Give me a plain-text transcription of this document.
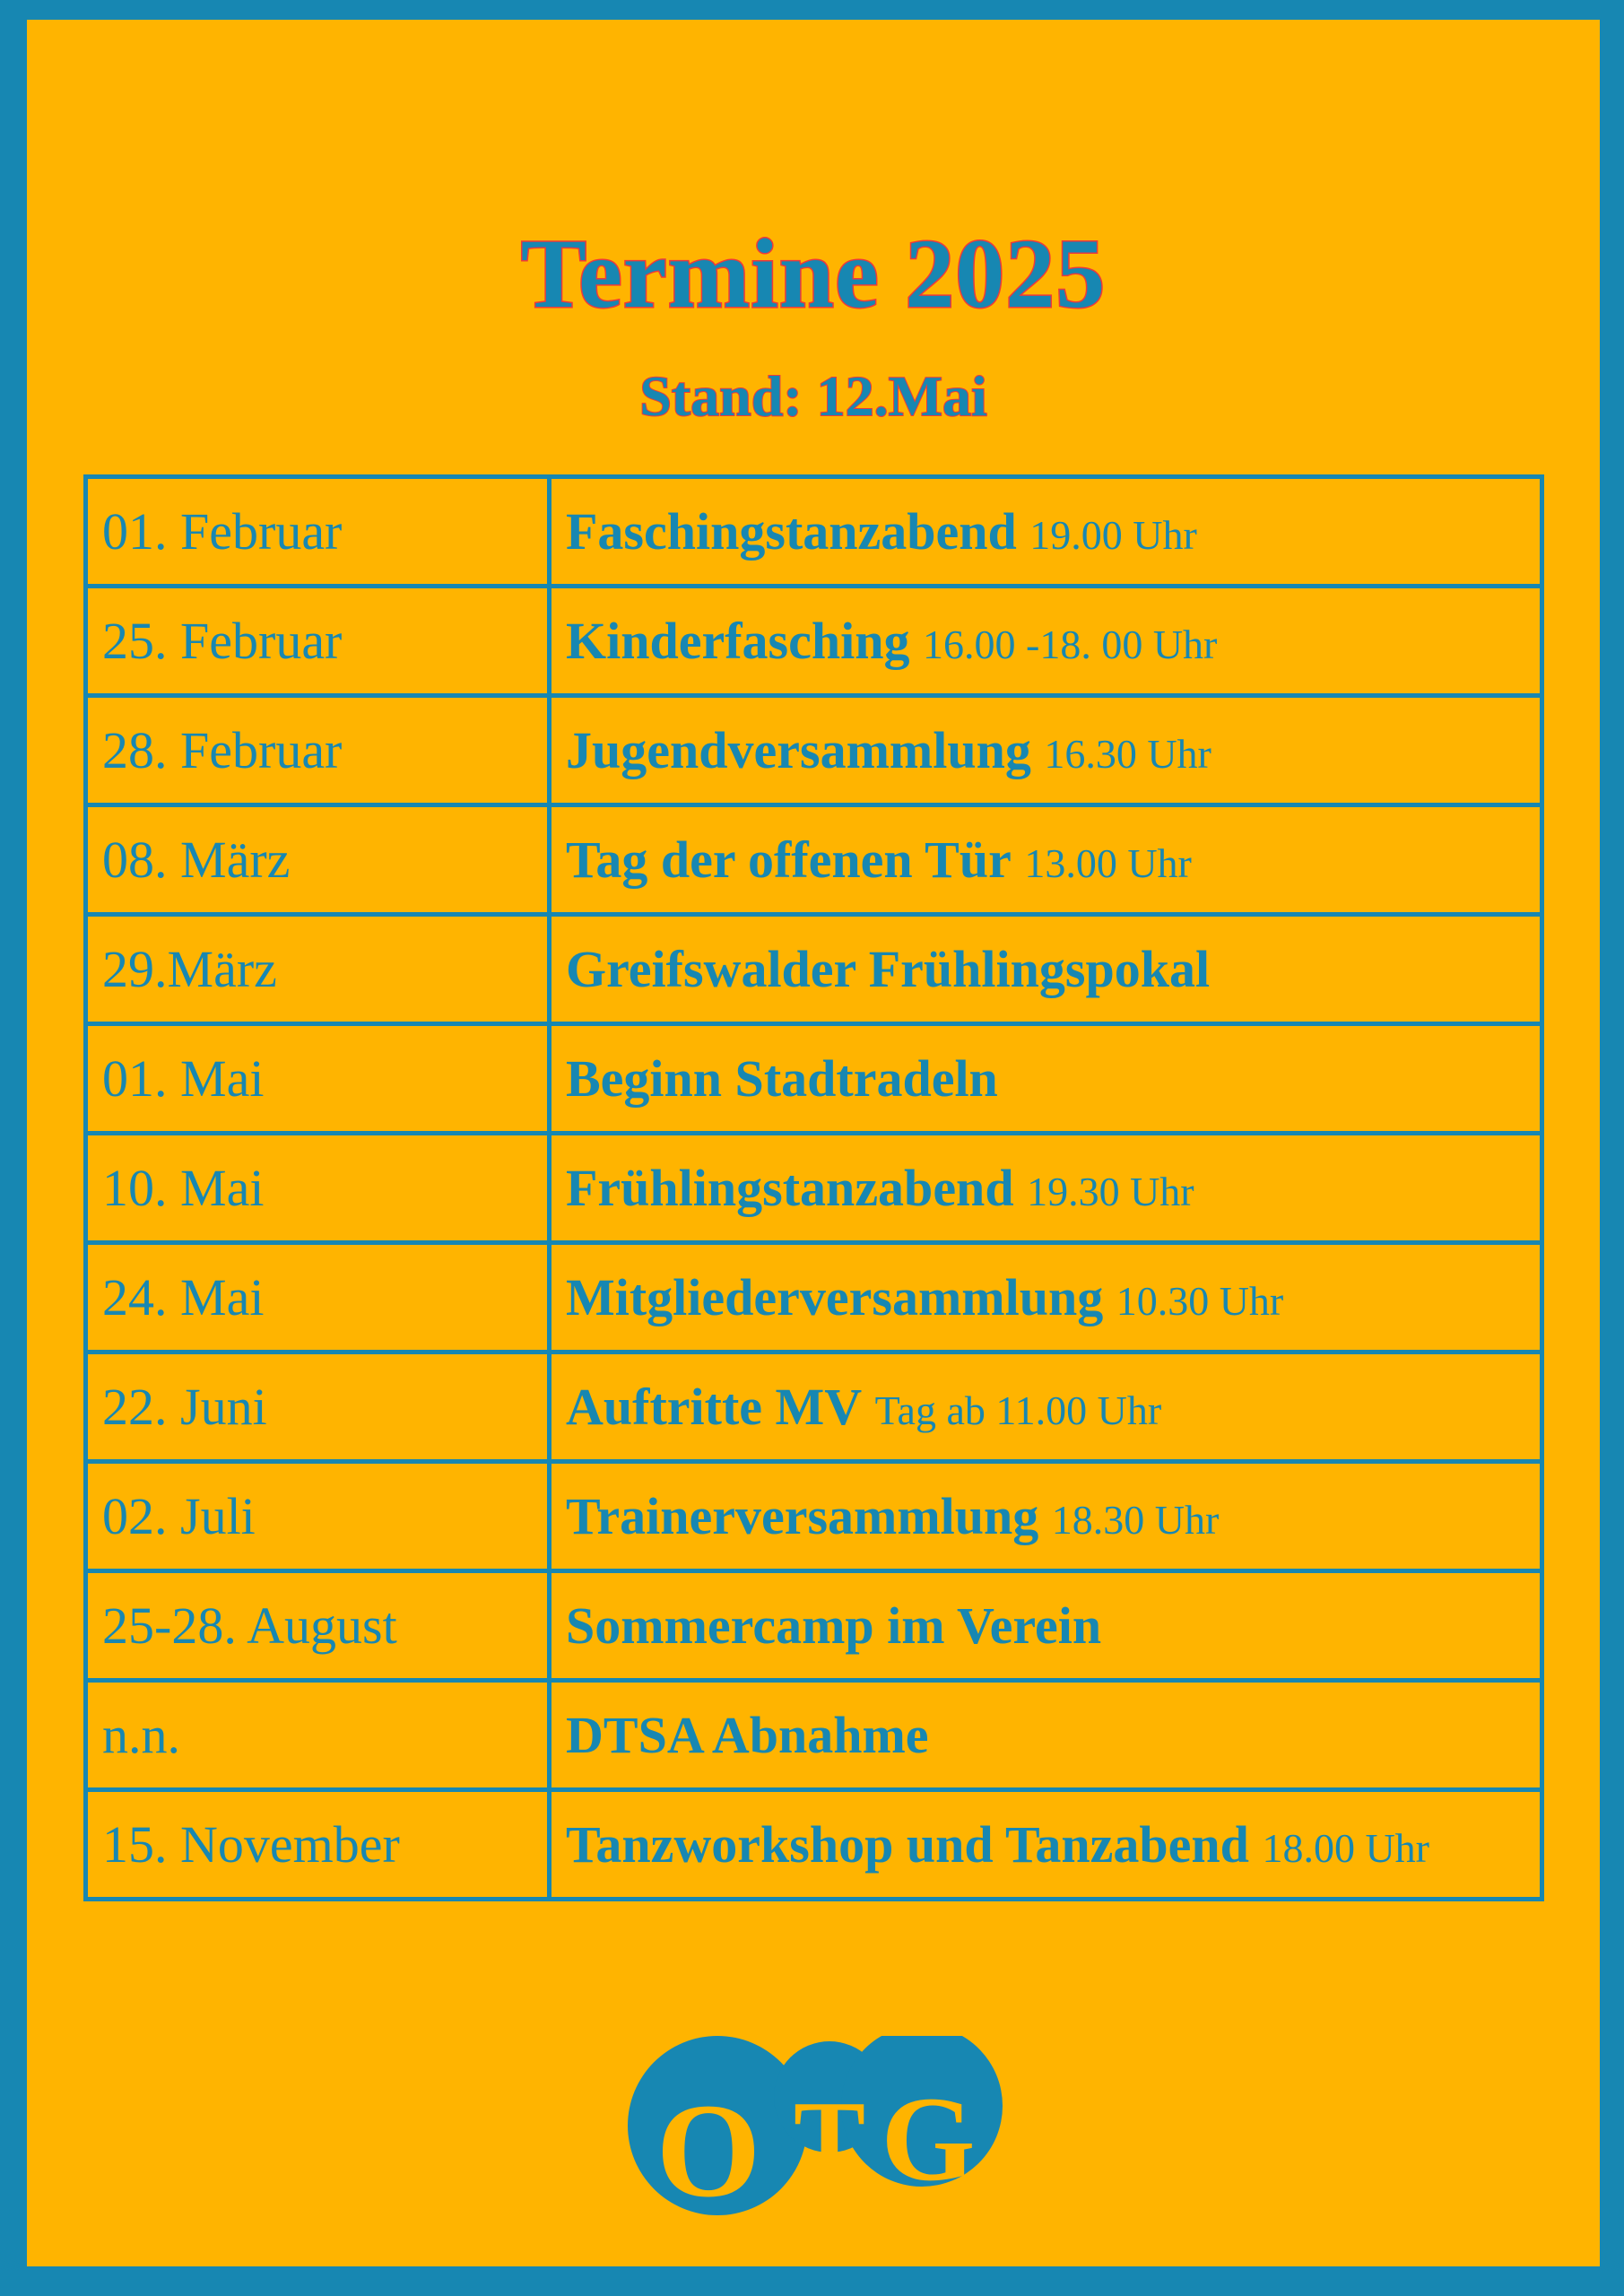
Termine 2025
Stand: 12.Mai
01. Februar	Faschingstanzabend 19.00 Uhr
25. Februar	Kinderfasching 16.00 -18. 00 Uhr
28. Februar	Jugendversammlung 16.30 Uhr
08. März	Tag der offenen Tür 13.00 Uhr
29.März	Greifswalder Frühlingspokal
01. Mai	Beginn Stadtradeln
10. Mai	Frühlingstanzabend 19.30 Uhr
24. Mai	Mitgliederversammlung 10.30 Uhr
22. Juni	Auftritte MV Tag ab 11.00 Uhr
02. Juli	Trainerversammlung 18.30 Uhr
25-28. August	Sommercamp im Verein
n.n.	DTSA Abnahme
15. November	Tanzworkshop und Tanzabend 18.00 Uhr
O T G
